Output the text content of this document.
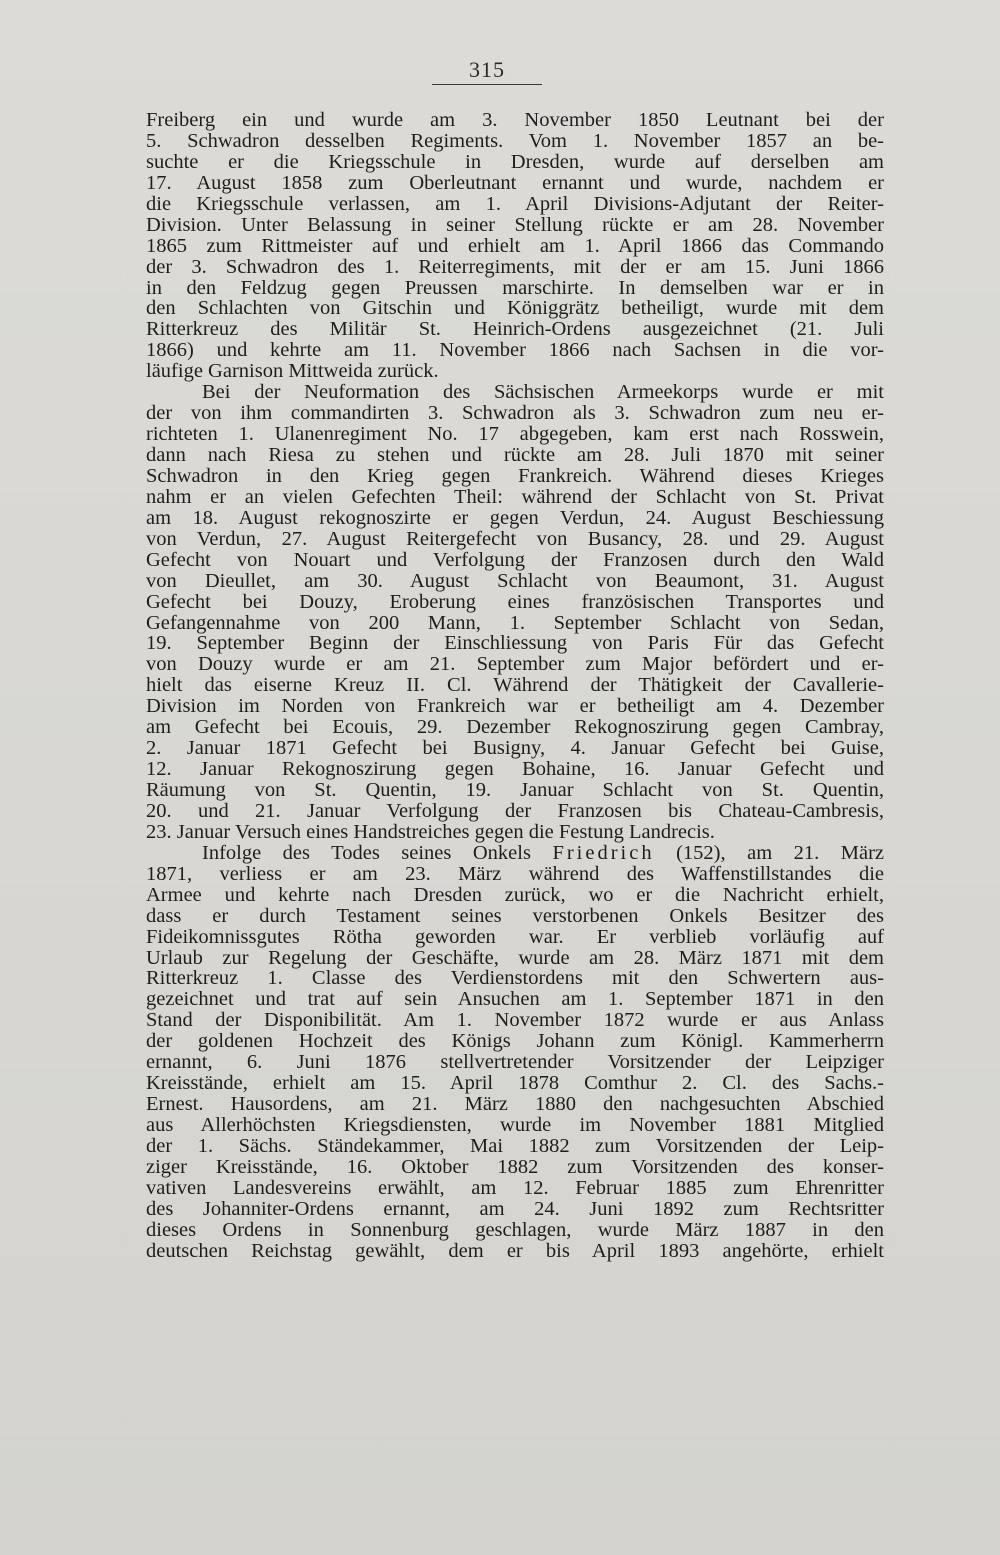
315
Freiberg ein und wurde am 3. November 1850 Leutnant bei der
5. Schwadron desselben Regiments. Vom 1. November 1857 an be-
suchte er die Kriegsschule in Dresden, wurde auf derselben am
17. August 1858 zum Oberleutnant ernannt und wurde, nachdem er
die Kriegsschule verlassen, am 1. April Divisions-Adjutant der Reiter-
Division. Unter Belassung in seiner Stellung rückte er am 28. November
1865 zum Rittmeister auf und erhielt am 1. April 1866 das Commando
der 3. Schwadron des 1. Reiterregiments, mit der er am 15. Juni 1866
in den Feldzug gegen Preussen marschirte. In demselben war er in
den Schlachten von Gitschin und Königgrätz betheiligt, wurde mit dem
Ritterkreuz des Militär St. Heinrich-Ordens ausgezeichnet (21. Juli
1866) und kehrte am 11. November 1866 nach Sachsen in die vor-
läufige Garnison Mittweida zurück.
Bei der Neuformation des Sächsischen Armeekorps wurde er mit
der von ihm commandirten 3. Schwadron als 3. Schwadron zum neu er-
richteten 1. Ulanenregiment No. 17 abgegeben, kam erst nach Rosswein,
dann nach Riesa zu stehen und rückte am 28. Juli 1870 mit seiner
Schwadron in den Krieg gegen Frankreich. Während dieses Krieges
nahm er an vielen Gefechten Theil: während der Schlacht von St. Privat
am 18. August rekognoszirte er gegen Verdun, 24. August Beschiessung
von Verdun, 27. August Reitergefecht von Busancy, 28. und 29. August
Gefecht von Nouart und Verfolgung der Franzosen durch den Wald
von Dieullet, am 30. August Schlacht von Beaumont, 31. August
Gefecht bei Douzy, Eroberung eines französischen Transportes und
Gefangennahme von 200 Mann, 1. September Schlacht von Sedan,
19. September Beginn der Einschliessung von Paris Für das Gefecht
von Douzy wurde er am 21. September zum Major befördert und er-
hielt das eiserne Kreuz II. Cl. Während der Thätigkeit der Cavallerie-
Division im Norden von Frankreich war er betheiligt am 4. Dezember
am Gefecht bei Ecouis, 29. Dezember Rekognoszirung gegen Cambray,
2. Januar 1871 Gefecht bei Busigny, 4. Januar Gefecht bei Guise,
12. Januar Rekognoszirung gegen Bohaine, 16. Januar Gefecht und
Räumung von St. Quentin, 19. Januar Schlacht von St. Quentin,
20. und 21. Januar Verfolgung der Franzosen bis Chateau-Cambresis,
23. Januar Versuch eines Handstreiches gegen die Festung Landrecis.
Infolge des Todes seines Onkels Friedrich (152), am 21. März
1871, verliess er am 23. März während des Waffenstillstandes die
Armee und kehrte nach Dresden zurück, wo er die Nachricht erhielt,
dass er durch Testament seines verstorbenen Onkels Besitzer des
Fideikomnissgutes Rötha geworden war. Er verblieb vorläufig auf
Urlaub zur Regelung der Geschäfte, wurde am 28. März 1871 mit dem
Ritterkreuz 1. Classe des Verdienstordens mit den Schwertern aus-
gezeichnet und trat auf sein Ansuchen am 1. September 1871 in den
Stand der Disponibilität. Am 1. November 1872 wurde er aus Anlass
der goldenen Hochzeit des Königs Johann zum Königl. Kammerherrn
ernannt, 6. Juni 1876 stellvertretender Vorsitzender der Leipziger
Kreisstände, erhielt am 15. April 1878 Comthur 2. Cl. des Sachs.-
Ernest. Hausordens, am 21. März 1880 den nachgesuchten Abschied
aus Allerhöchsten Kriegsdiensten, wurde im November 1881 Mitglied
der 1. Sächs. Ständekammer, Mai 1882 zum Vorsitzenden der Leip-
ziger Kreisstände, 16. Oktober 1882 zum Vorsitzenden des konser-
vativen Landesvereins erwählt, am 12. Februar 1885 zum Ehrenritter
des Johanniter-Ordens ernannt, am 24. Juni 1892 zum Rechtsritter
dieses Ordens in Sonnenburg geschlagen, wurde März 1887 in den
deutschen Reichstag gewählt, dem er bis April 1893 angehörte, erhielt
